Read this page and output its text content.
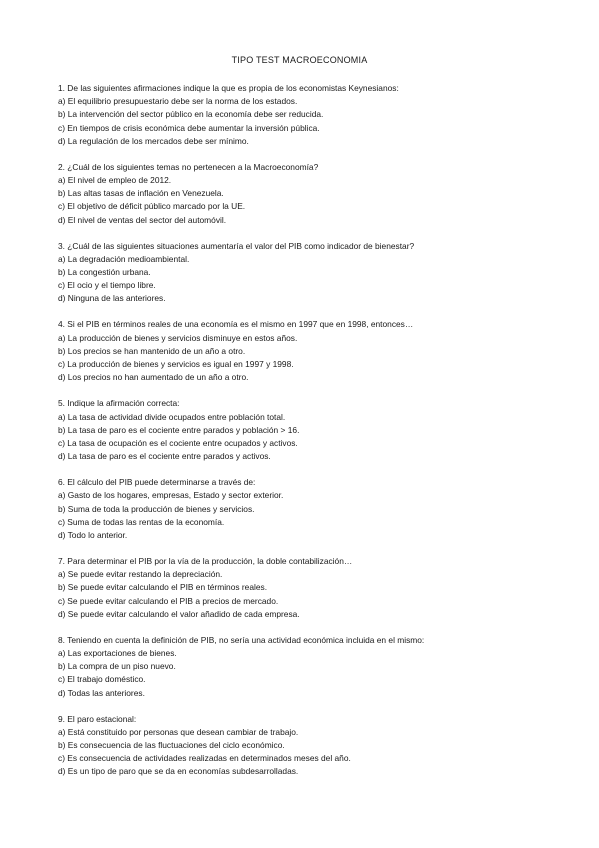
TIPO TEST MACROECONOMIA
1. De las siguientes afirmaciones indique la que es propia de los economistas Keynesianos:
a) El equilibrio presupuestario debe ser la norma de los estados.
b) La intervención del sector público en la economía debe ser reducida.
c) En tiempos de crisis económica debe aumentar la inversión pública.
d) La regulación de los mercados debe ser mínimo.
2. ¿Cuál de los siguientes temas no pertenecen a la Macroeconomía?
a) El nivel de empleo de 2012.
b) Las altas tasas de inflación en Venezuela.
c) El objetivo de déficit público marcado por la UE.
d) El nivel de ventas del sector del automóvil.
3. ¿Cuál de las siguientes situaciones aumentaría el valor del PIB como indicador de bienestar?
a) La degradación medioambiental.
b) La congestión urbana.
c) El ocio y el tiempo libre.
d) Ninguna de las anteriores.
4. Si el PIB en términos reales de una economía es el mismo en 1997 que en 1998, entonces…
a) La producción de bienes y servicios disminuye en estos años.
b) Los precios se han mantenido de un año a otro.
c) La producción de bienes y servicios es igual en 1997 y 1998.
d) Los precios no han aumentado de un año a otro.
5. Indique la afirmación correcta:
a) La tasa de actividad divide ocupados entre población total.
b) La tasa de paro es el cociente entre parados y población > 16.
c) La tasa de ocupación es el cociente entre ocupados y activos.
d) La tasa de paro es el cociente entre parados y activos.
6. El cálculo del PIB puede determinarse a través de:
a) Gasto de los hogares, empresas, Estado y sector exterior.
b) Suma de toda la producción de bienes y servicios.
c) Suma de todas las rentas de la economía.
d) Todo lo anterior.
7. Para determinar el PIB por la vía de la producción, la doble contabilización…
a) Se puede evitar restando la depreciación.
b) Se puede evitar calculando el PIB en términos reales.
c) Se puede evitar calculando el PIB a precios de mercado.
d) Se puede evitar calculando el valor añadido de cada empresa.
8. Teniendo en cuenta la definición de PIB, no sería una actividad económica incluida en el mismo:
a) Las exportaciones de bienes.
b) La compra de un piso nuevo.
c) El trabajo doméstico.
d) Todas las anteriores.
9. El paro estacional:
a) Está constituido por personas que desean cambiar de trabajo.
b) Es consecuencia de las fluctuaciones del ciclo económico.
c) Es consecuencia de actividades realizadas en determinados meses del año.
d) Es un tipo de paro que se da en economías subdesarrolladas.
